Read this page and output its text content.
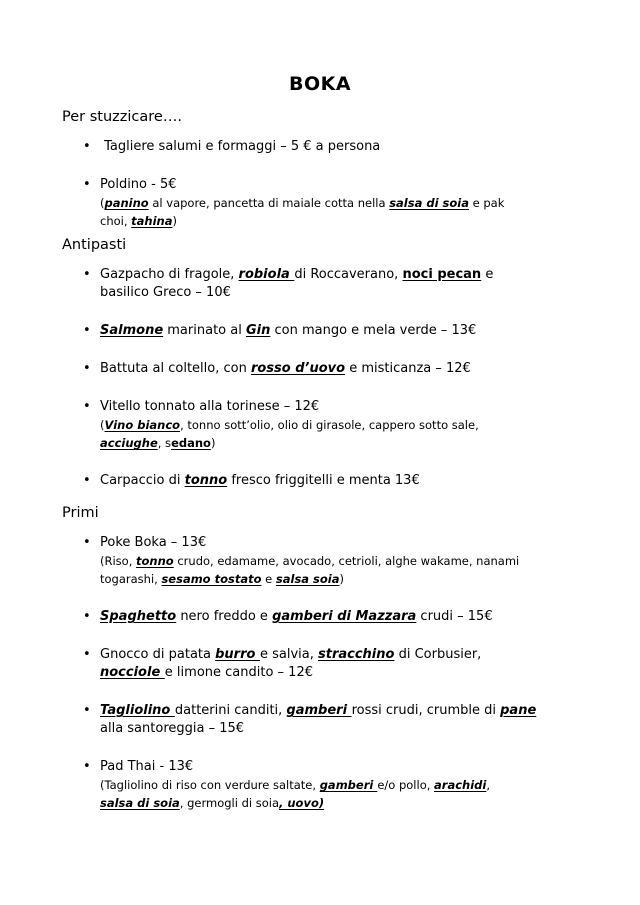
BOKA
Per stuzzicare….
• Tagliere salumi e formaggi – 5 € a persona
• Poldino - 5€
(panino al vapore, pancetta di maiale cotta nella salsa di soia e pak
choi, tahina)
Antipasti
• Gazpacho di fragole, robiola di Roccaverano, noci pecan e
basilico Greco – 10€
• Salmone marinato al Gin con mango e mela verde – 13€
• Battuta al coltello, con rosso d’uovo e misticanza – 12€
• Vitello tonnato alla torinese – 12€
(Vino bianco, tonno sott’olio, olio di girasole, cappero sotto sale,
acciughe, sedano)
• Carpaccio di tonno fresco friggitelli e menta 13€
Primi
• Poke Boka – 13€
(Riso, tonno crudo, edamame, avocado, cetrioli, alghe wakame, nanami
togarashi, sesamo tostato e salsa soia)
• Spaghetto nero freddo e gamberi di Mazzara crudi – 15€
• Gnocco di patata burro e salvia, stracchino di Corbusier,
nocciole e limone candito – 12€
• Tagliolino datterini canditi, gamberi rossi crudi, crumble di pane
alla santoreggia – 15€
• Pad Thai - 13€
(Tagliolino di riso con verdure saltate, gamberi e/o pollo, arachidi,
salsa di soia, germogli di soia, uovo)
